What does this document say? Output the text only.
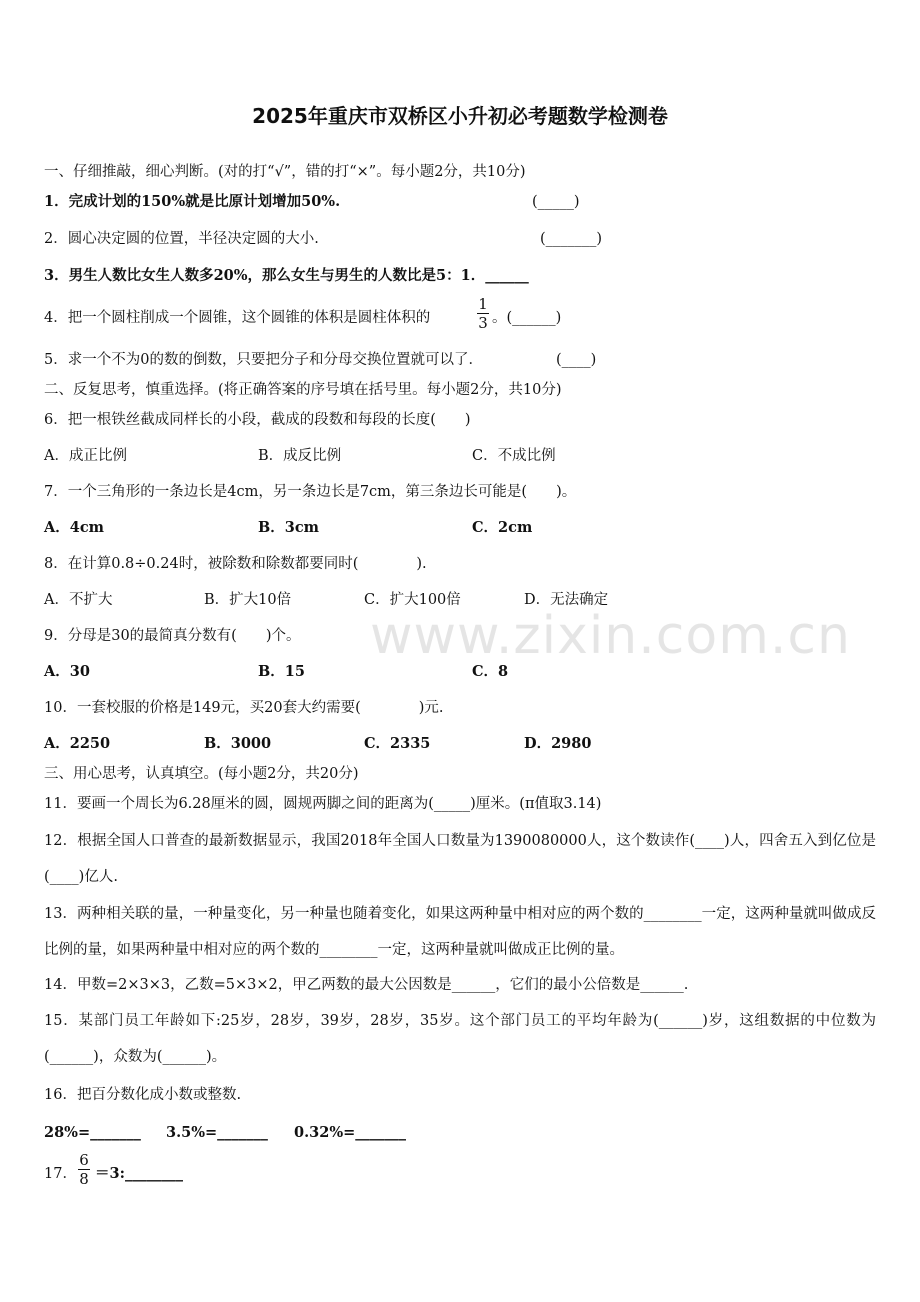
www.zixin.com.cn
2025年重庆市双桥区小升初必考题数学检测卷
一、仔细推敲，细心判断。(对的打“√”，错的打“×”。每小题2分，共10分)
1．完成计划的150%就是比原计划增加50%.	(_____)
2．圆心决定圆的位置，半径决定圆的大小.	(_______)
3．男生人数比女生人数多20%，那么女生与男生的人数比是5：1．______
4．把一个圆柱削成一个圆锥，这个圆锥的体积是圆柱体积的
1
3 。(______)
5．求一个不为0的数的倒数，只要把分子和分母交换位置就可以了．	(____)
二、反复思考，慎重选择。(将正确答案的序号填在括号里。每小题2分，共10分)
6．把一根铁丝截成同样长的小段，截成的段数和每段的长度(　　)
A．成正比例	B．成反比例	C．不成比例
7．一个三角形的一条边长是4cm，另一条边长是7cm，第三条边长可能是(　　)。
A．4cm	B．3cm	C．2cm
8．在计算0.8÷0.24时，被除数和除数都要同时(　　　　).
A．不扩大	B．扩大10倍	C．扩大100倍	D．无法确定
9．分母是30的最简真分数有(　　)个。
A．30	B．15	C．8
10．一套校服的价格是149元，买20套大约需要(　　　　)元.
A．2250	B．3000	C．2335	D．2980
三、用心思考，认真填空。(每小题2分，共20分)
11．要画一个周长为6.28厘米的圆，圆规两脚之间的距离为(_____)厘米。(π值取3.14)
12．根据全国人口普查的最新数据显示，我国2018年全国人口数量为1390080000人，这个数读作(____)人，四舍五入到亿位是(____)亿人.
13．两种相关联的量，一种量变化，另一种量也随着变化，如果这两种量中相对应的两个数的________一定，这两种量就叫做成反比例的量，如果两种量中相对应的两个数的________一定，这两种量就叫做成正比例的量。
14．甲数=2×3×3，乙数=5×3×2，甲乙两数的最大公因数是______，它们的最小公倍数是______.
15．某部门员工年龄如下:25岁，28岁，39岁，28岁，35岁。这个部门员工的平均年龄为(______)岁，这组数据的中位数为(______)，众数为(______)。
16．把百分数化成小数或整数.
28%=_______ 3.5%=_______ 0.32%=_______
17．
6
8 ＝3:________
